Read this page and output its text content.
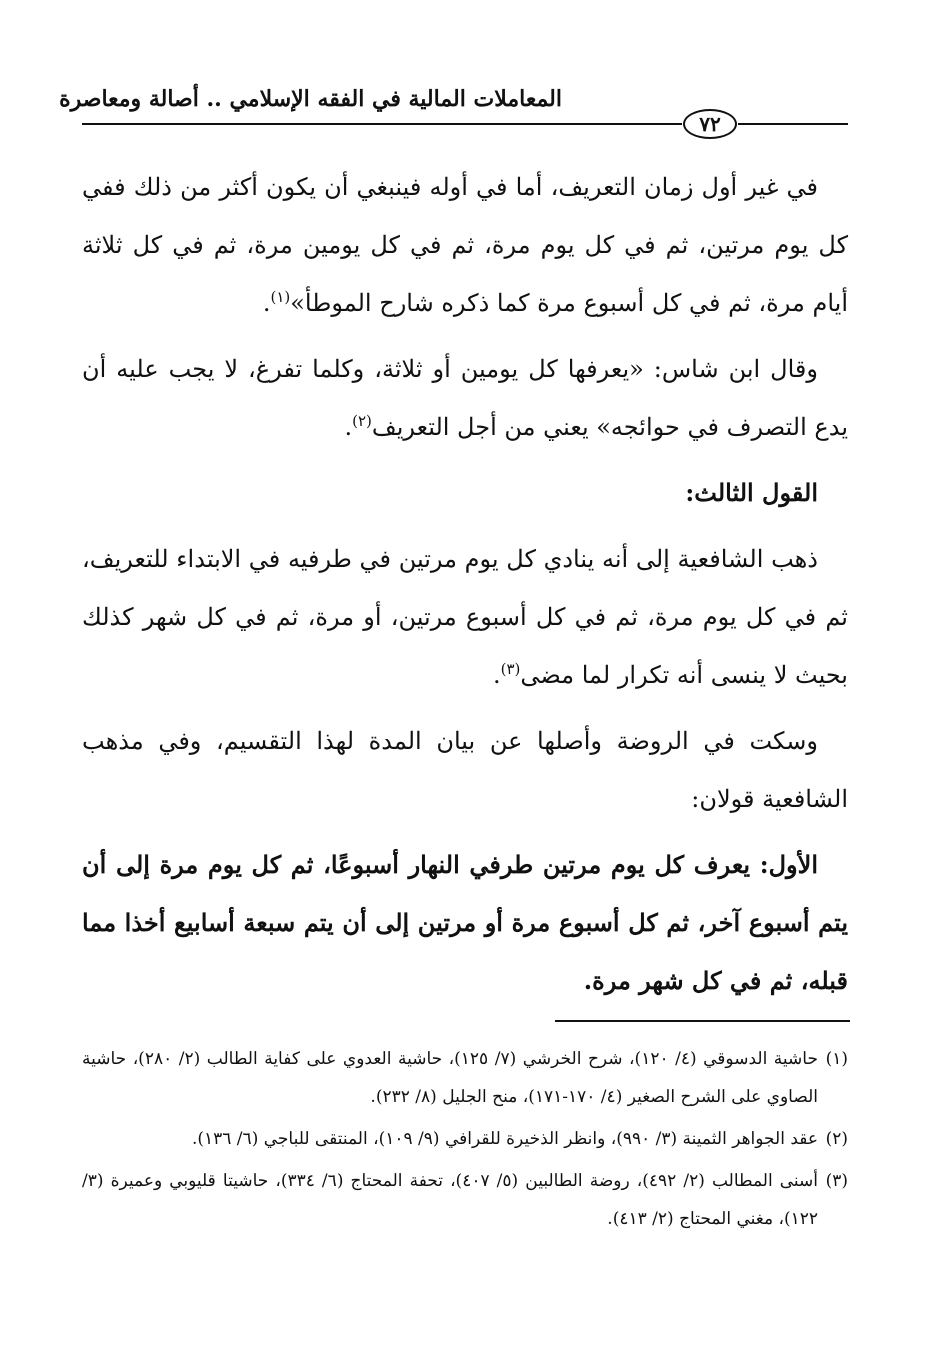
المعاملات المالية في الفقه الإسلامي .. أصالة ومعاصرة
٧٢

في غير أول زمان التعريف، أما في أوله فينبغي أن يكون أكثر من ذلك ففي كل يوم مرتين، ثم في كل يوم مرة، ثم في كل يومين مرة، ثم في كل ثلاثة أيام مرة، ثم في كل أسبوع مرة كما ذكره شارح الموطأ»$^{(١)}$.

وقال ابن شاس: «يعرفها كل يومين أو ثلاثة، وكلما تفرغ، لا يجب عليه أن يدع التصرف في حوائجه» يعني من أجل التعريف$^{(٢)}$.

القول الثالث:

ذهب الشافعية إلى أنه ينادي كل يوم مرتين في طرفيه في الابتداء للتعريف، ثم في كل يوم مرة، ثم في كل أسبوع مرتين، أو مرة، ثم في كل شهر كذلك بحيث لا ينسى أنه تكرار لما مضى$^{(٣)}$.

وسكت في الروضة وأصلها عن بيان المدة لهذا التقسيم، وفي مذهب الشافعية قولان:

الأول: يعرف كل يوم مرتين طرفي النهار أسبوعًا، ثم كل يوم مرة إلى أن يتم أسبوع آخر، ثم كل أسبوع مرة أو مرتين إلى أن يتم سبعة أسابيع أخذا مما قبله، ثم في كل شهر مرة.

(١)
حاشية الدسوقي (٤/ ١٢٠)، شرح الخرشي (٧/ ١٢٥)، حاشية العدوي على كفاية الطالب (٢/ ٢٨٠)، حاشية الصاوي على الشرح الصغير (٤/ ١٧٠-١٧١)، منح الجليل (٨/ ٢٣٢).

(٢)
عقد الجواهر الثمينة (٣/ ٩٩٠)، وانظر الذخيرة للقرافي (٩/ ١٠٩)، المنتقى للباجي (٦/ ١٣٦).

(٣)
أسنى المطالب (٢/ ٤٩٢)، روضة الطالبين (٥/ ٤٠٧)، تحفة المحتاج (٦/ ٣٣٤)، حاشيتا قليوبي وعميرة (٣/ ١٢٢)، مغني المحتاج (٢/ ٤١٣).
